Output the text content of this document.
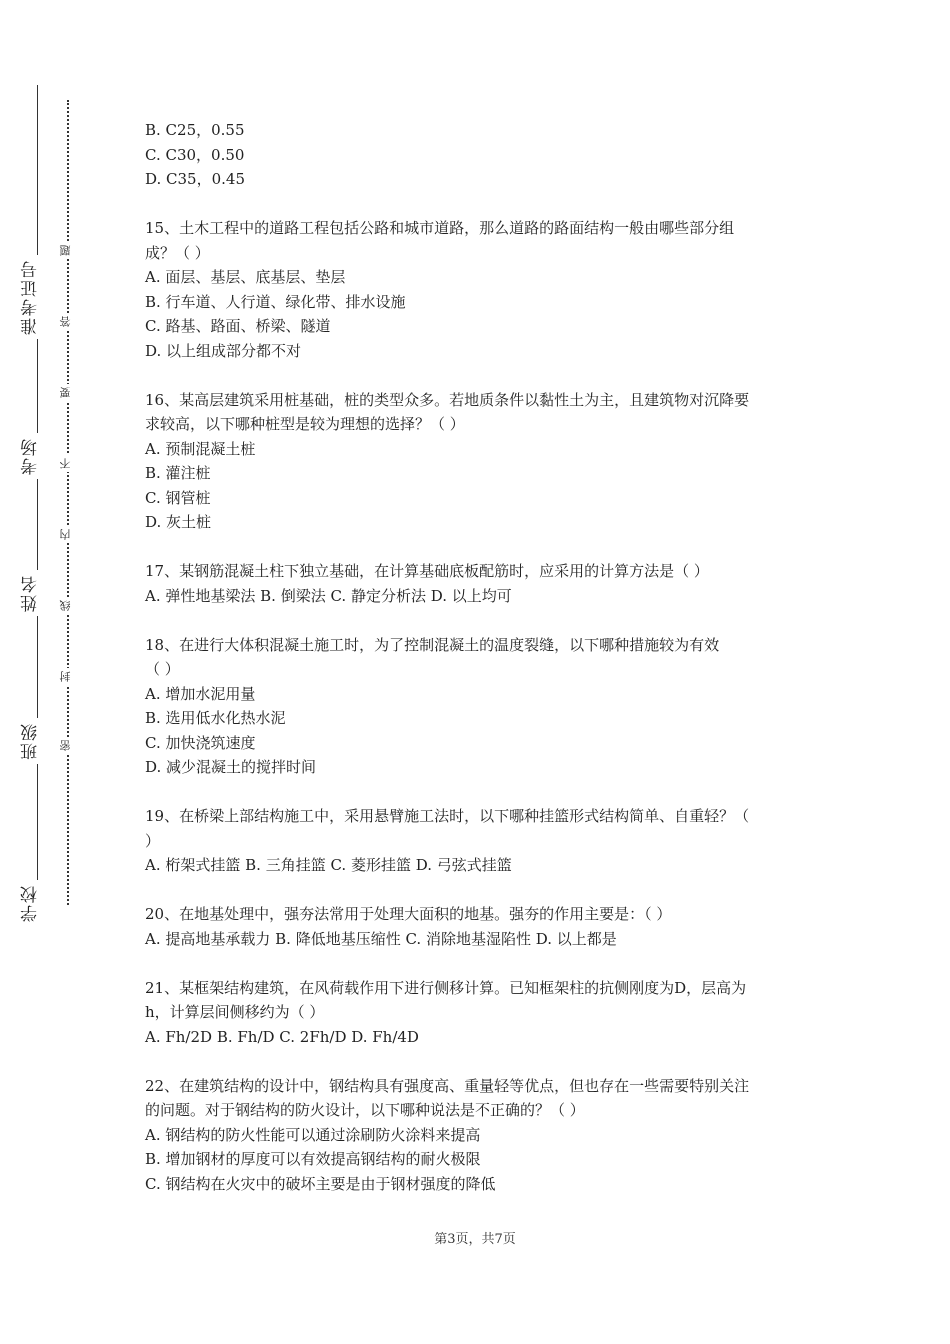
学校
班级
姓名
考场
准考证号
密
封
线
内
不
要
答
题

B. C25，0.55

C. C30，0.50

D. C35，0.45

15、土木工程中的道路工程包括公路和城市道路，那么道路的路面结构一般由哪些部分组

成？（ ）

A. 面层、基层、底基层、垫层

B. 行车道、人行道、绿化带、排水设施

C. 路基、路面、桥梁、隧道

D. 以上组成部分都不对

16、某高层建筑采用桩基础，桩的类型众多。若地质条件以黏性土为主，且建筑物对沉降要

求较高，以下哪种桩型是较为理想的选择？（ ）

A. 预制混凝土桩

B. 灌注桩

C. 钢管桩

D. 灰土桩

17、某钢筋混凝土柱下独立基础，在计算基础底板配筋时，应采用的计算方法是（ ）

A. 弹性地基梁法 B. 倒梁法 C. 静定分析法 D. 以上均可

18、在进行大体积混凝土施工时，为了控制混凝土的温度裂缝，以下哪种措施较为有效

（ ）

A. 增加水泥用量

B. 选用低水化热水泥

C. 加快浇筑速度

D. 减少混凝土的搅拌时间

19、在桥梁上部结构施工中，采用悬臂施工法时，以下哪种挂篮形式结构简单、自重轻？（

）

A. 桁架式挂篮 B. 三角挂篮 C. 菱形挂篮 D. 弓弦式挂篮

20、在地基处理中，强夯法常用于处理大面积的地基。强夯的作用主要是：（ ）

A. 提高地基承载力 B. 降低地基压缩性 C. 消除地基湿陷性 D. 以上都是

21、某框架结构建筑，在风荷载作用下进行侧移计算。已知框架柱的抗侧刚度为D，层高为

h，计算层间侧移约为（ ）

A. Fh/2D B. Fh/D C. 2Fh/D D. Fh/4D

22、在建筑结构的设计中，钢结构具有强度高、重量轻等优点，但也存在一些需要特别关注

的问题。对于钢结构的防火设计，以下哪种说法是不正确的？（ ）

A. 钢结构的防火性能可以通过涂刷防火涂料来提高

B. 增加钢材的厚度可以有效提高钢结构的耐火极限

C. 钢结构在火灾中的破坏主要是由于钢材强度的降低

第3页，共7页
